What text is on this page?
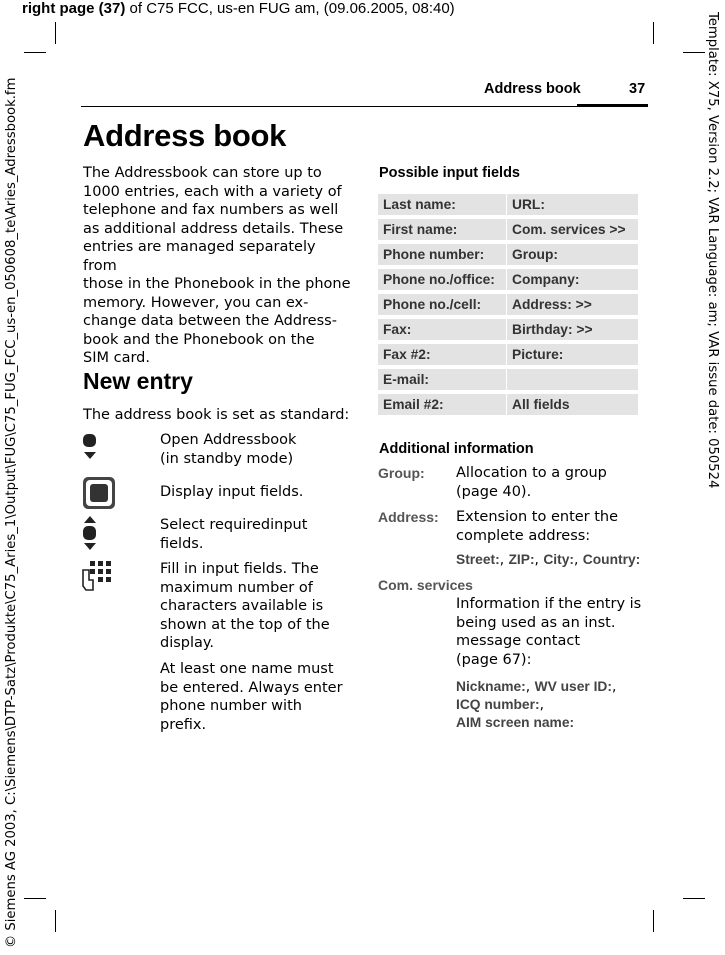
right page (37) of C75 FCC, us-en FUG am, (09.06.2005, 08:40)
Template: X75, Version 2.2; VAR Language: am; VAR issue date: 050524
© Siemens AG 2003, C:\Siemens\DTP-Satz\Produkte\C75_Aries_1\Output\FUG\C75_FUG_FCC_us-en_050608_te\Aries_Adressbook.fm	Address book	37
Address book
The Addressbook can store up to
1000 entries, each with a variety of
telephone and fax numbers as well
as additional address details. These
entries are managed separately from
those in the Phonebook in the phone
memory. However, you can ex-
change data between the Address-
book and the Phonebook on the
SIM card.
New entry
The address book is set as standard:
Open Addressbook
(in standby mode)
Display input fields.
Select requiredinput
fields.
Fill in input fields. The
maximum number of
characters available is
shown at the top of the
display.
At least one name must
be entered. Always enter
phone number with
prefix.
Possible input fields
Last name:	URL:
First name:	Com. services >>
Phone number:	Group:
Phone no./office:	Company:
Phone no./cell:	Address: >>
Fax:	Birthday: >>
Fax #2:	Picture:
E-mail:	
Email #2:	All fields
Additional information
Group: Allocation to a group
(page 40).
Address: Extension to enter the
complete address:
Street:, ZIP:, City:, Country:
Com. services
Information if the entry is
being used as an inst.
message contact
(page 67):
Nickname:, WV user ID:,
ICQ number:,
AIM screen name:
